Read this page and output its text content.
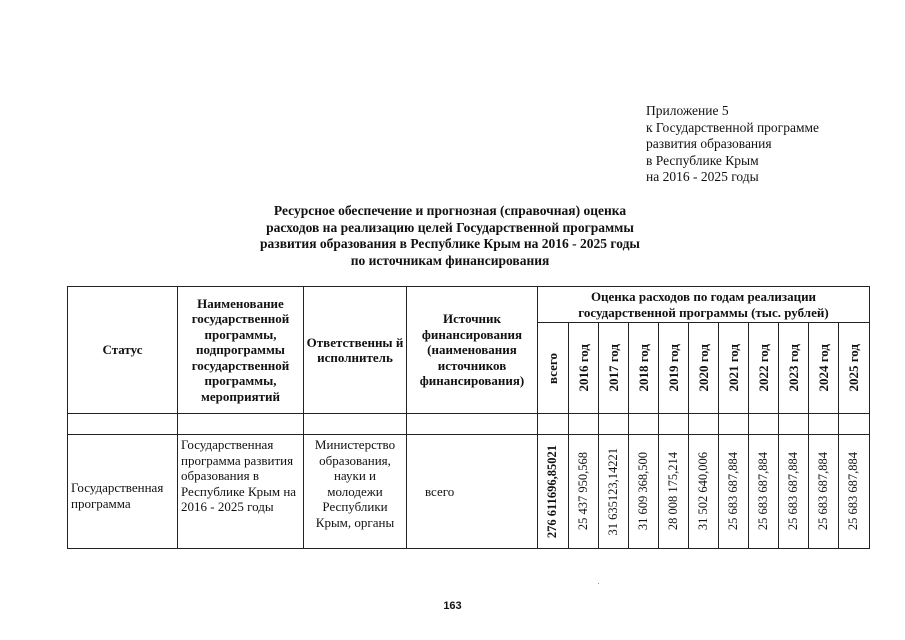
Приложение 5
к Государственной программе
развития образования
в Республике Крым
на 2016 - 2025 годы
Ресурсное обеспечение и прогнозная (справочная) оценка
расходов на реализацию целей Государственной программы
развития образования в Республике Крым на 2016 - 2025 годы
по источникам финансирования
Статус	Наименование государственной программы, подпрограммы государственной программы, мероприятий	Ответственны й исполнитель	Источник финансирования (наименования источников финансирования)	Оценка расходов по годам реализации государственной программы (тыс. рублей)										

				всего	2016 год	2017 год	2018 год	2019 год	2020 год	2021 год	2022 год	2023 год	2024 год	2025 год

Государственная программа	Государственная программа развития образования в Республике Крым на 2016 - 2025 годы	Министерство образования, науки и молодежи Республики Крым, органы	всего	276 611696,85021	25 437 950,568	31 635123,14221	31 609 368,500	28 008 175,214	31 502 640,006	25 683 687,884	25 683 687,884	25 683 687,884	25 683 687,884	25 683 687,884
163
